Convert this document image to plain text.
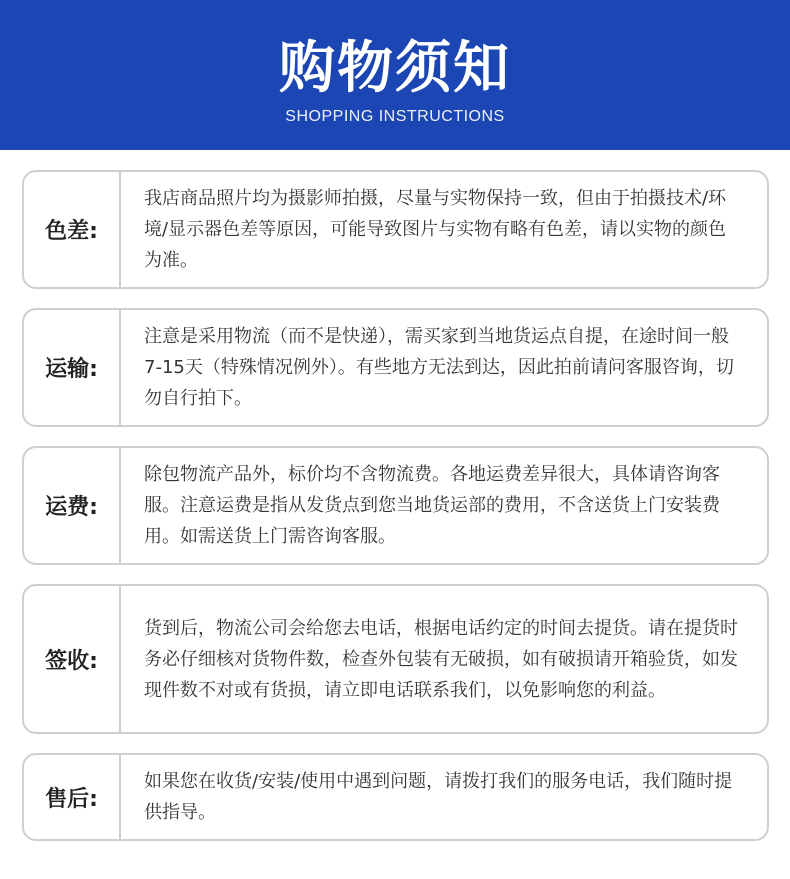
购物须知
SHOPPING INSTRUCTIONS
色差:
我店商品照片均为摄影师拍摄，尽量与实物保持一致，但由于拍摄技术/环境/显示器色差等原因，可能导致图片与实物有略有色差，请以实物的颜色为准。
运输:
注意是采用物流（而不是快递），需买家到当地货运点自提，在途时间一般7-15天（特殊情况例外）。有些地方无法到达，因此拍前请问客服咨询，切勿自行拍下。
运费:
除包物流产品外，标价均不含物流费。各地运费差异很大，具体请咨询客服。注意运费是指从发货点到您当地货运部的费用，不含送货上门安装费用。如需送货上门需咨询客服。
签收:
货到后，物流公司会给您去电话，根据电话约定的时间去提货。请在提货时务必仔细核对货物件数，检查外包装有无破损，如有破损请开箱验货，如发现件数不对或有货损，请立即电话联系我们，以免影响您的利益。
售后:
如果您在收货/安装/使用中遇到问题，请拨打我们的服务电话，我们随时提供指导。
